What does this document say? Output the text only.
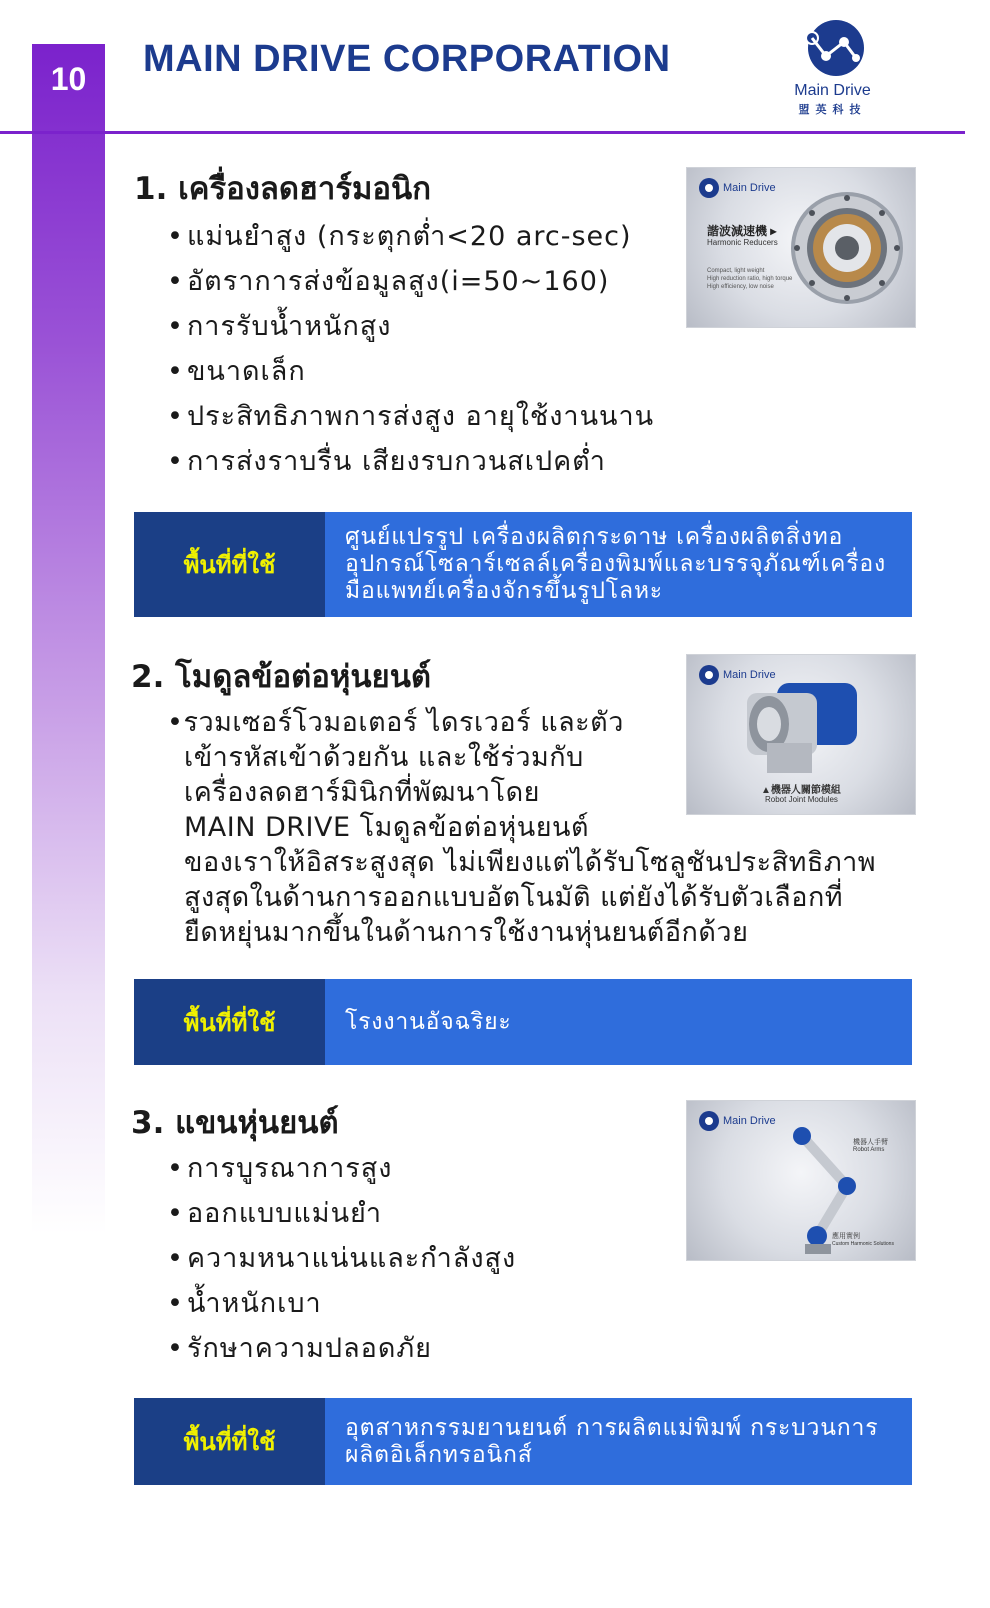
10	MAIN DRIVE CORPORATION
Main Drive
盟英科技
1. เครื่องลดฮาร์มอนิก
• แม่นยำสูง (กระตุกต่ำ<20 arc-sec)
• อัตราการส่งข้อมูลสูง(i=50~160)
• การรับน้ำหนักสูง
• ขนาดเล็ก
• ประสิทธิภาพการส่งสูง อายุใช้งานนาน
• การส่งราบรื่น เสียงรบกวนสเปคต่ำ
Main Drive
諧波減速機 ▸
Harmonic Reducers
Compact, light weight
High reduction ratio, high torque
High efficiency, low noise
พื้นที่ที่ใช้
ศูนย์แปรรูป เครื่องผลิตกระดาษ เครื่องผลิตสิ่งทอ อุปกรณ์โซลาร์เซลล์เครื่องพิมพ์และบรรจุภัณฑ์เครื่องมือแพทย์เครื่องจักรขึ้นรูปโลหะ
2. โมดูลข้อต่อหุ่นยนต์
•รวมเซอร์โวมอเตอร์ ไดรเวอร์ และตัว
เข้ารหัสเข้าด้วยกัน และใช้ร่วมกับ
เครื่องลดฮาร์มินิกที่พัฒนาโดย
MAIN DRIVE โมดูลข้อต่อหุ่นยนต์
ของเราให้อิสระสูงสุด ไม่เพียงแต่ได้รับโซลูชันประสิทธิภาพ
สูงสุดในด้านการออกแบบอัตโนมัติ แต่ยังได้รับตัวเลือกที่
ยืดหยุ่นมากขึ้นในด้านการใช้งานหุ่นยนต์อีกด้วย
Main Drive
▲機器人關節模組
Robot Joint Modules
พื้นที่ที่ใช้	โรงงานอัจฉริยะ
3. แขนหุ่นยนต์
• การบูรณาการสูง
• ออกแบบแม่นยำ
• ความหนาแน่นและกำลังสูง
• น้ำหนักเบา
• รักษาความปลอดภัย
Main Drive
機器人手臂
Robot Arms
應用實例
Custom Harmonic Solutions
พื้นที่ที่ใช้
อุตสาหกรรมยานยนต์ การผลิตแม่พิมพ์ กระบวนการผลิตอิเล็กทรอนิกส์
